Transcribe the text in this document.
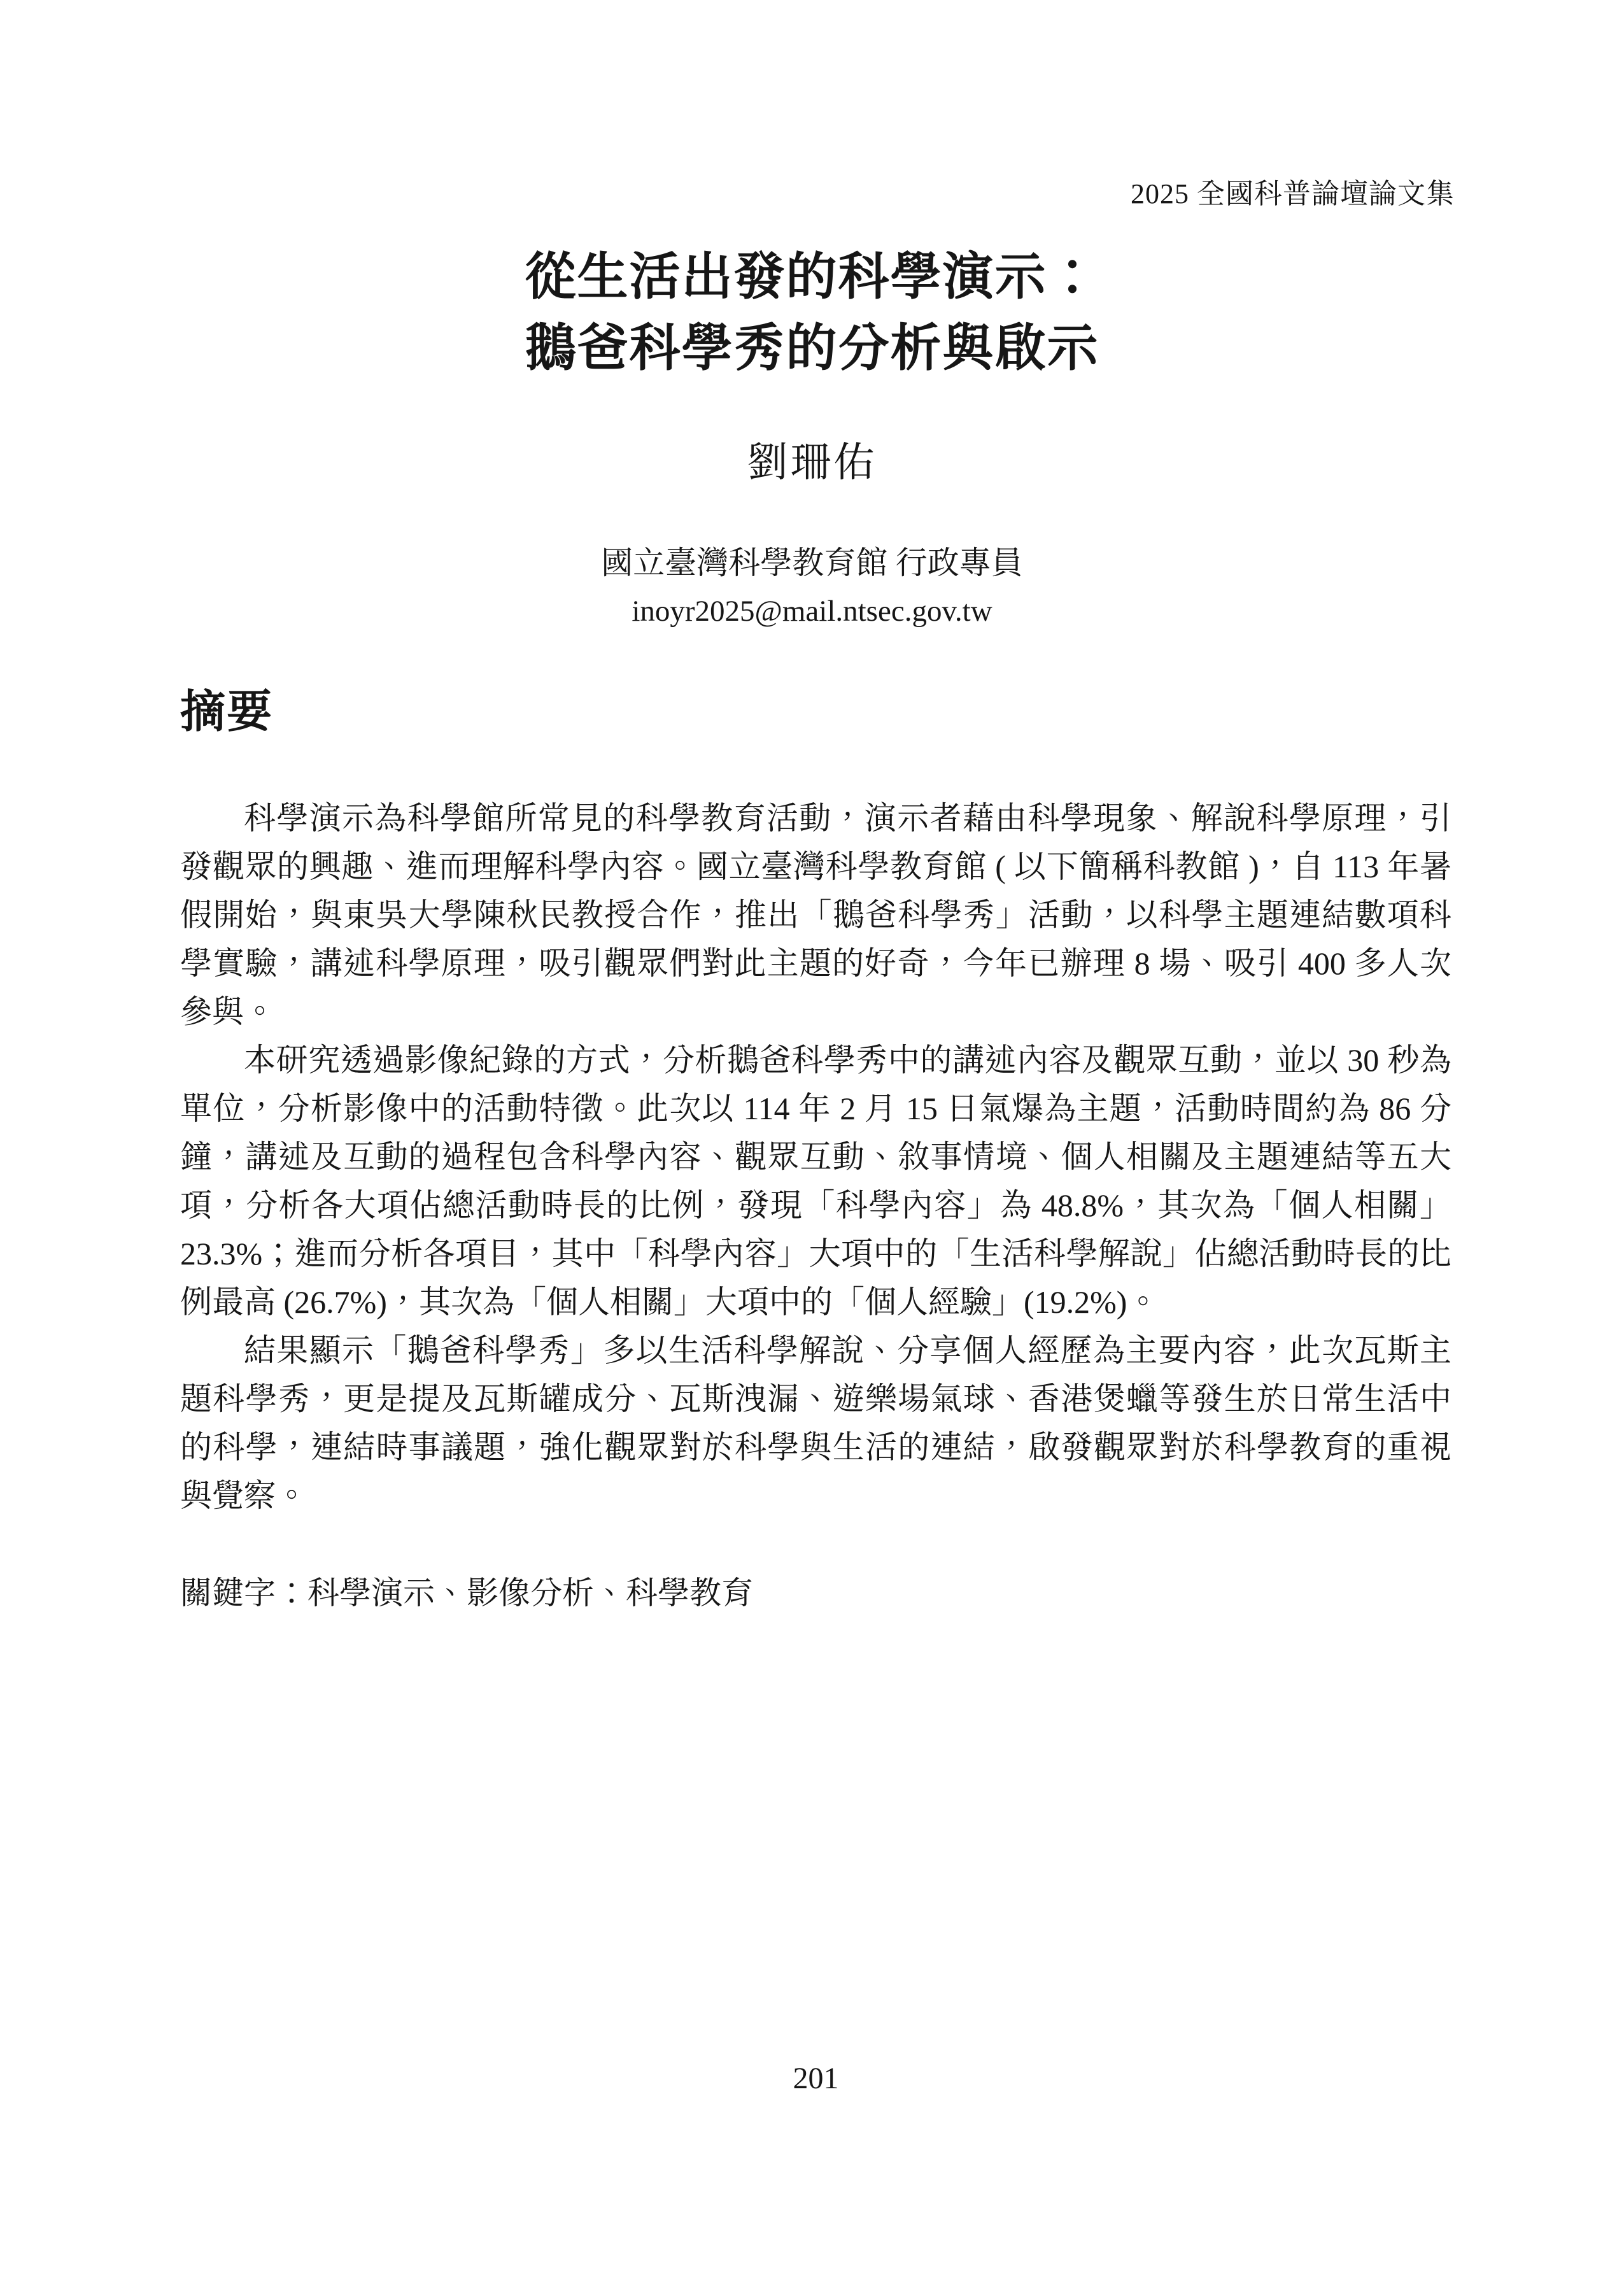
2025 全國科普論壇論文集
從生活出發的科學演示：
鵝爸科學秀的分析與啟示
劉珊佑
國立臺灣科學教育館 行政專員
inoyr2025@mail.ntsec.gov.tw
摘要
科學演示為科學館所常見的科學教育活動，演示者藉由科學現象、解說科學原理，引
發觀眾的興趣、進而理解科學內容。國立臺灣科學教育館 ( 以下簡稱科教館 )，自 113 年暑
假開始，與東吳大學陳秋民教授合作，推出「鵝爸科學秀」活動，以科學主題連結數項科
學實驗，講述科學原理，吸引觀眾們對此主題的好奇，今年已辦理 8 場、吸引 400 多人次
參與。
本研究透過影像紀錄的方式，分析鵝爸科學秀中的講述內容及觀眾互動，並以 30 秒為
單位，分析影像中的活動特徵。此次以 114 年 2 月 15 日氣爆為主題，活動時間約為 86 分
鐘，講述及互動的過程包含科學內容、觀眾互動、敘事情境、個人相關及主題連結等五大
項，分析各大項佔總活動時長的比例，發現「科學內容」為 48.8%，其次為「個人相關」
23.3%；進而分析各項目，其中「科學內容」大項中的「生活科學解說」佔總活動時長的比
例最高 (26.7%)，其次為「個人相關」大項中的「個人經驗」(19.2%)。
結果顯示「鵝爸科學秀」多以生活科學解說、分享個人經歷為主要內容，此次瓦斯主
題科學秀，更是提及瓦斯罐成分、瓦斯洩漏、遊樂場氣球、香港煲蠟等發生於日常生活中
的科學，連結時事議題，強化觀眾對於科學與生活的連結，啟發觀眾對於科學教育的重視
與覺察。
關鍵字：科學演示、影像分析、科學教育
201
